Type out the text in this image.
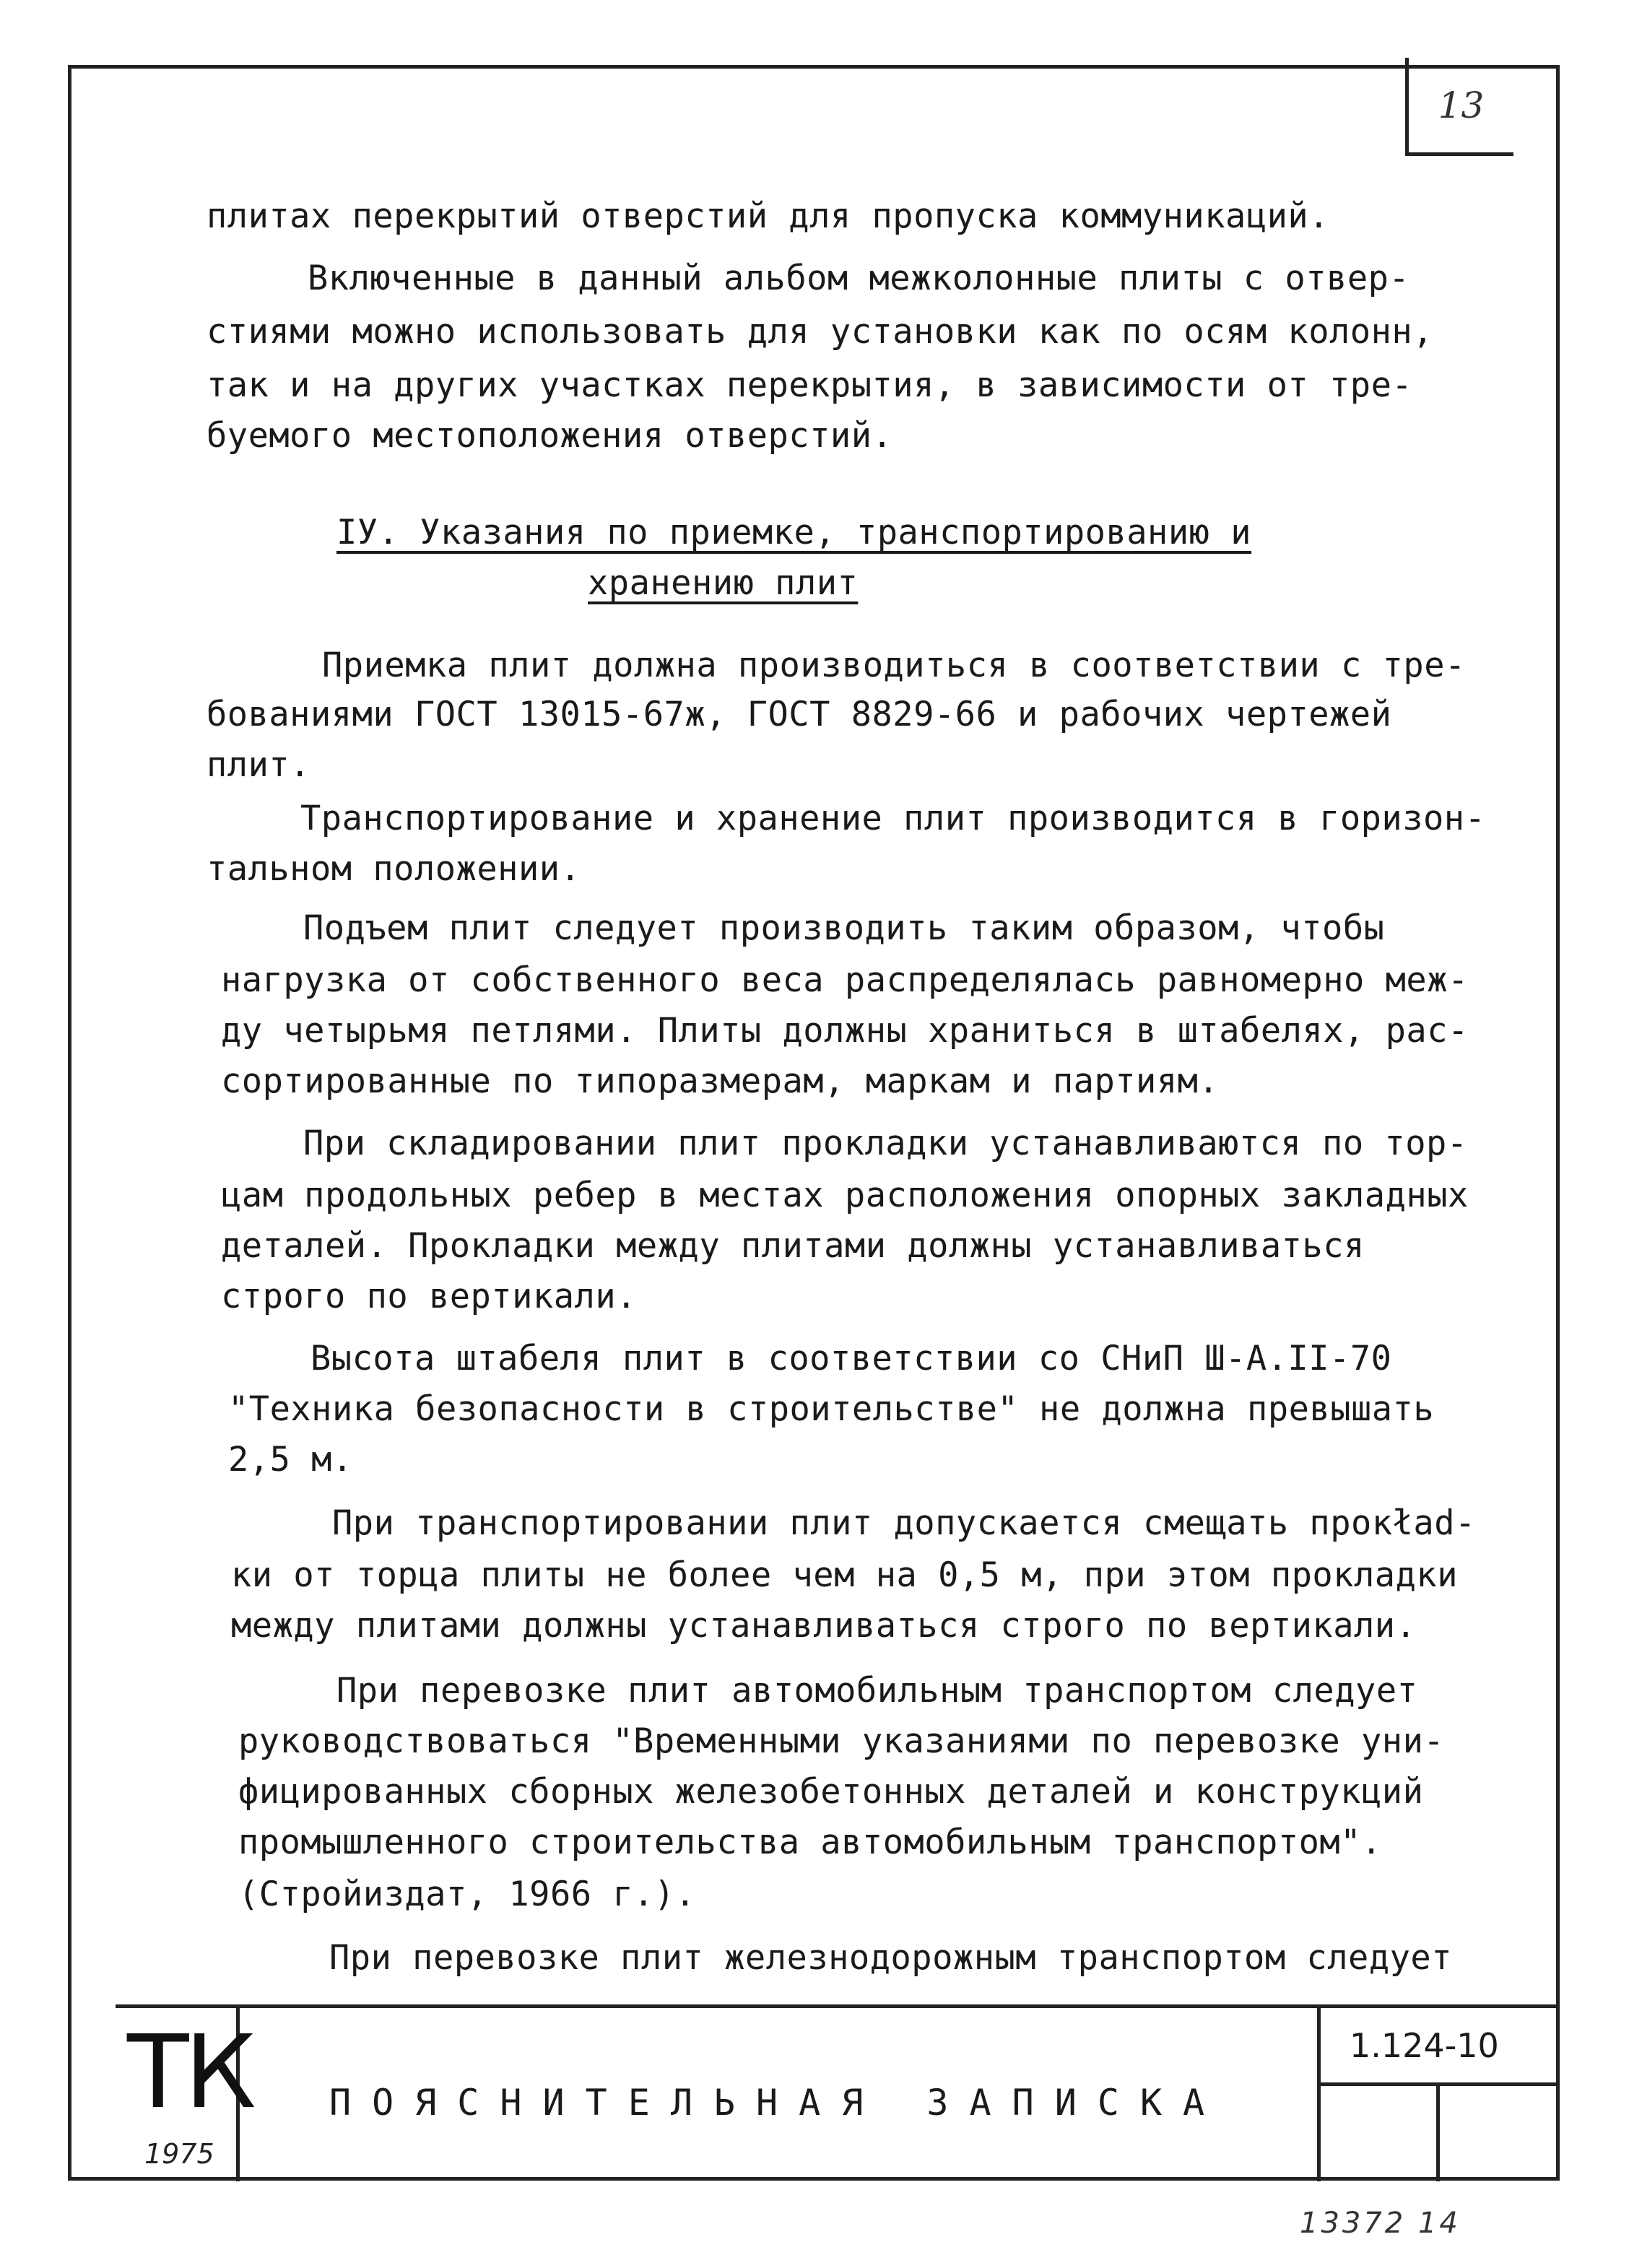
13
плитах перекрытий отверстий для пропуска коммуникаций.
Включенные в данный альбом межколонные плиты с отвер-
стиями можно использовать для установки как по осям колонн,
так и на других участках перекрытия, в зависимости от тре-
буемого местоположения отверстий.
IУ. Указания по приемке, транспортированию и
хранению плит
Приемка плит должна производиться в соответствии с тре-
бованиями ГОСТ 13015-67ж, ГОСТ 8829-66 и рабочих чертежей
плит.
Транспортирование и хранение плит производится в горизон-
тальном положении.
Подъем плит следует производить таким образом, чтобы
нагрузка от собственного веса распределялась равномерно меж-
ду четырьмя петлями. Плиты должны храниться в штабелях, рас-
сортированные по типоразмерам, маркам и партиям.
При складировании плит прокладки устанавливаются по тор-
цам продольных ребер в местах расположения опорных закладных
деталей. Прокладки между плитами должны устанавливаться
строго по вертикали.
Высота штабеля плит в соответствии со СНиП Ш-А.II-70
"Техника безопасности в строительстве" не должна превышать
2,5 м.
При транспортировании плит допускается смещать прокład-
ки от торца плиты не более чем на 0,5 м, при этом прокладки
между плитами должны устанавливаться строго по вертикали.
При перевозке плит автомобильным транспортом следует
руководствоваться "Временными указаниями по перевозке уни-
фицированных сборных железобетонных деталей и конструкций
промышленного строительства автомобильным транспортом".
(Стройиздат, 1966 г.).
При перевозке плит железнодорожным транспортом следует
ТК
1975
ПОЯСНИТЕЛЬНАЯ ЗАПИСКА
1.124-10
13372 14
